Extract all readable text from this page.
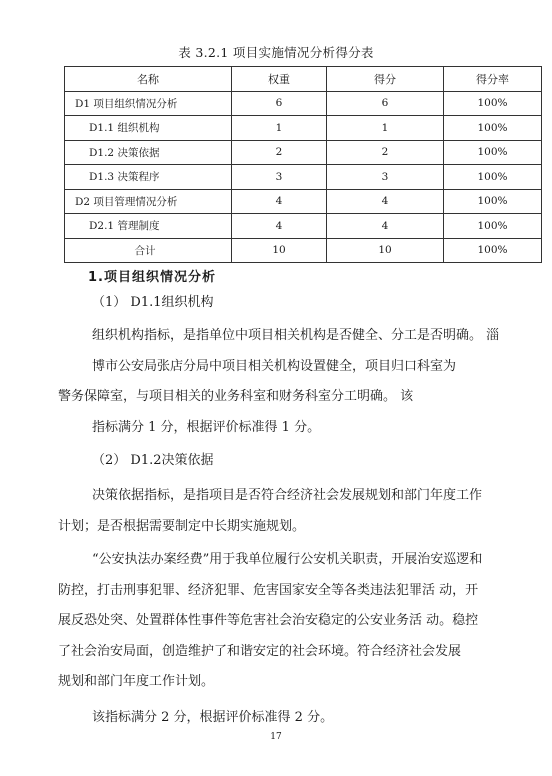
表 3.2.1 项目实施情况分析得分表
名称	权重	得分	得分率
D1 项目组织情况分析	6	6	100%
D1.1 组织机构	1	1	100%
D1.2 决策依据	2	2	100%
D1.3 决策程序	3	3	100%
D2 项目管理情况分析	4	4	100%
D2.1 管理制度	4	4	100%
合计	10	10	100%
1.项目组织情况分析
（1） D1.1组织机构
组织机构指标，是指单位中项目相关机构是否健全、分工是否明确。 淄
博市公安局张店分局中项目相关机构设置健全，项目归口科室为
警务保障室，与项目相关的业务科室和财务科室分工明确。 该
指标满分 1 分，根据评价标准得 1 分。
（2） D1.2决策依据
决策依据指标，是指项目是否符合经济社会发展规划和部门年度工作
计划；是否根据需要制定中长期实施规划。
“公安执法办案经费”用于我单位履行公安机关职责，开展治安巡逻和
防控，打击刑事犯罪、经济犯罪、危害国家安全等各类违法犯罪活 动，开
展反恐处突、处置群体性事件等危害社会治安稳定的公安业务活 动。稳控
了社会治安局面，创造维护了和谐安定的社会环境。符合经济社会发展
规划和部门年度工作计划。
该指标满分 2 分，根据评价标准得 2 分。
17
